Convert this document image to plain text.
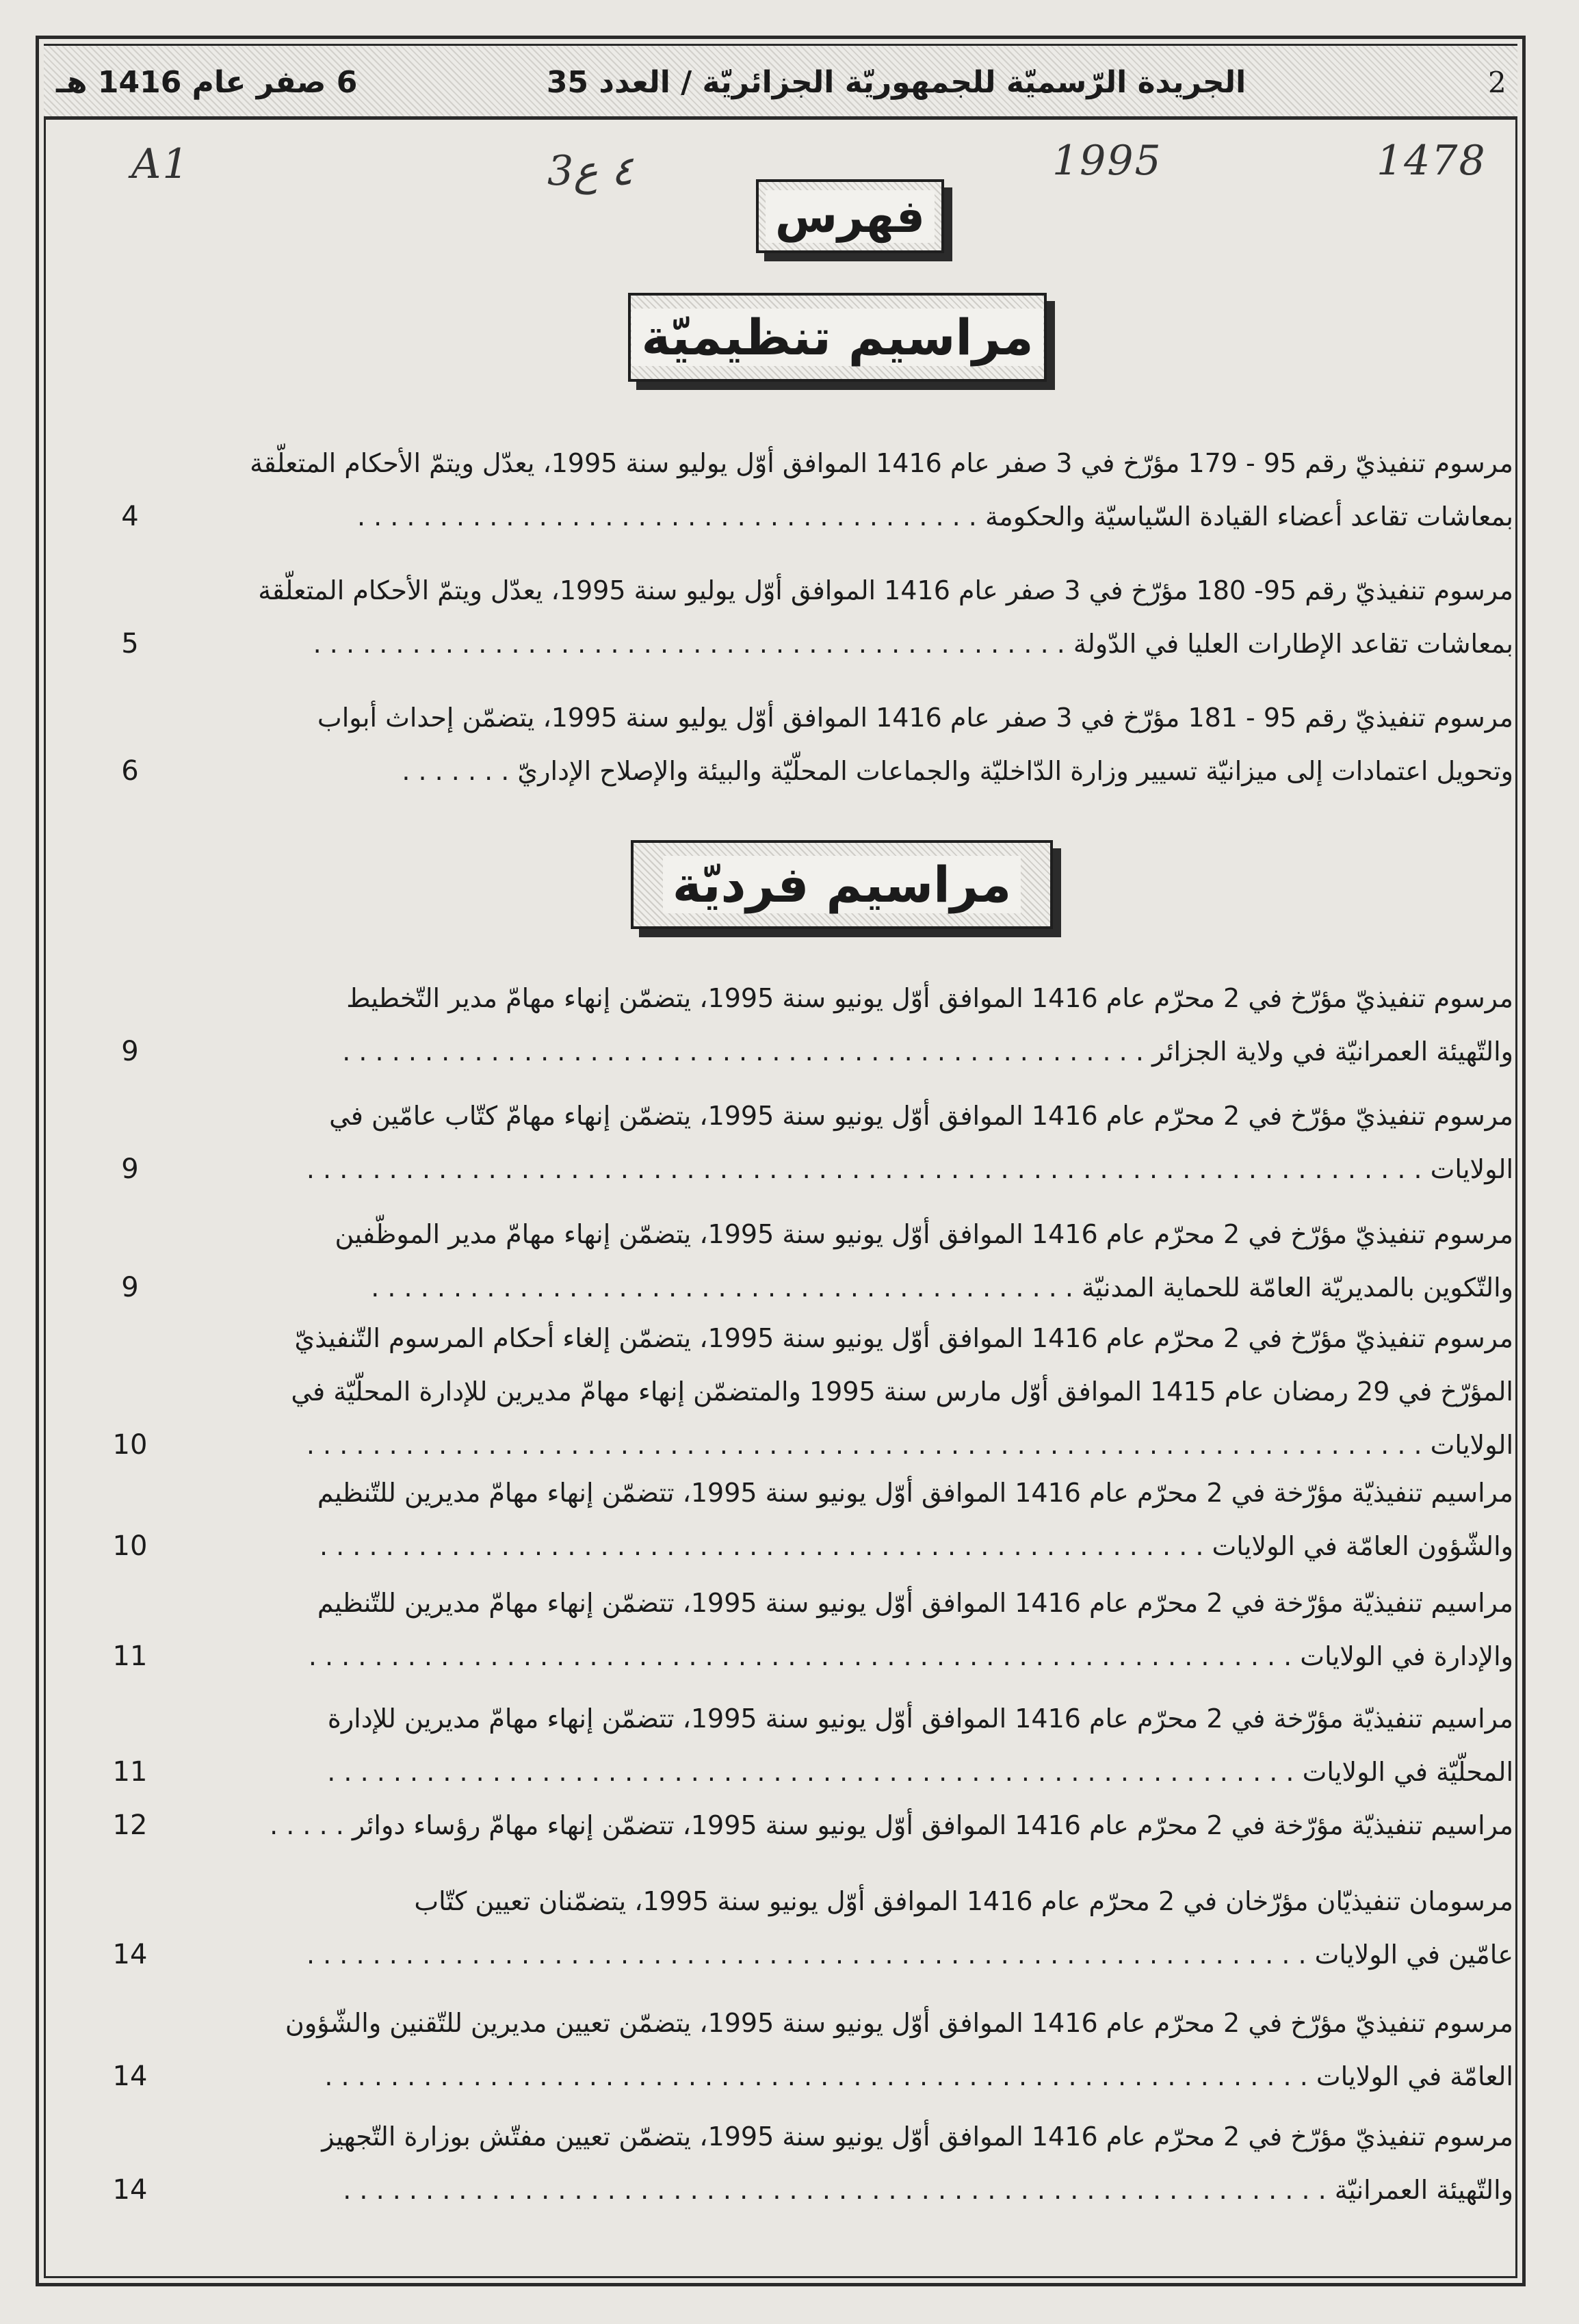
2
الجريدة الرّسميّة للجمهوريّة الجزائريّة / العدد 35
6 صفر عام 1416 هـ
A1	3٤ ع	1995	1478
فهرس
مراسيم تنظيميّة
مراسيم فرديّة
مرسوم تنفيذيّ رقم 95 - 179 مؤرّخ في 3 صفر عام 1416 الموافق أوّل يوليو سنة 1995، يعدّل ويتمّ الأحكام المتعلّقة
بمعاشات تقاعد أعضاء القيادة السّياسيّة والحكومة . . . . . . . . . . . . . . . . . . . . . . . . . . . . . . . . . . . . . .
4
مرسوم تنفيذيّ رقم 95- 180 مؤرّخ في 3 صفر عام 1416 الموافق أوّل يوليو سنة 1995، يعدّل ويتمّ الأحكام المتعلّقة
بمعاشات تقاعد الإطارات العليا في الدّولة . . . . . . . . . . . . . . . . . . . . . . . . . . . . . . . . . . . . . . . . . . . . . .
5
مرسوم تنفيذيّ رقم 95 - 181 مؤرّخ في 3 صفر عام 1416 الموافق أوّل يوليو سنة 1995، يتضمّن إحداث أبواب
وتحويل اعتمادات إلى ميزانيّة تسيير وزارة الدّاخليّة والجماعات المحلّيّة والبيئة والإصلاح الإداريّ . . . . . . .
6
مرسوم تنفيذيّ مؤرّخ في 2 محرّم عام 1416 الموافق أوّل يونيو سنة 1995، يتضمّن إنهاء مهامّ مدير التّخطيط
والتّهيئة العمرانيّة في ولاية الجزائر . . . . . . . . . . . . . . . . . . . . . . . . . . . . . . . . . . . . . . . . . . . . . . . . .
9
مرسوم تنفيذيّ مؤرّخ في 2 محرّم عام 1416 الموافق أوّل يونيو سنة 1995، يتضمّن إنهاء مهامّ كتّاب عامّين في
الولايات . . . . . . . . . . . . . . . . . . . . . . . . . . . . . . . . . . . . . . . . . . . . . . . . . . . . . . . . . . . . . . . . . . . .
9
مرسوم تنفيذيّ مؤرّخ في 2 محرّم عام 1416 الموافق أوّل يونيو سنة 1995، يتضمّن إنهاء مهامّ مدير الموظّفين
والتّكوين بالمديريّة العامّة للحماية المدنيّة . . . . . . . . . . . . . . . . . . . . . . . . . . . . . . . . . . . . . . . . . . .
9
مرسوم تنفيذيّ مؤرّخ في 2 محرّم عام 1416 الموافق أوّل يونيو سنة 1995، يتضمّن إلغاء أحكام المرسوم التّنفيذيّ
المؤرّخ في 29 رمضان عام 1415 الموافق أوّل مارس سنة 1995 والمتضمّن إنهاء مهامّ مديرين للإدارة المحلّيّة في
الولايات . . . . . . . . . . . . . . . . . . . . . . . . . . . . . . . . . . . . . . . . . . . . . . . . . . . . . . . . . . . . . . . . . . . .
10
مراسيم تنفيذيّة مؤرّخة في 2 محرّم عام 1416 الموافق أوّل يونيو سنة 1995، تتضمّن إنهاء مهامّ مديرين للتّنظيم
والشّؤون العامّة في الولايات . . . . . . . . . . . . . . . . . . . . . . . . . . . . . . . . . . . . . . . . . . . . . . . . . . . . . .
10
مراسيم تنفيذيّة مؤرّخة في 2 محرّم عام 1416 الموافق أوّل يونيو سنة 1995، تتضمّن إنهاء مهامّ مديرين للتّنظيم
والإدارة في الولايات . . . . . . . . . . . . . . . . . . . . . . . . . . . . . . . . . . . . . . . . . . . . . . . . . . . . . . . . . . . .
11
مراسيم تنفيذيّة مؤرّخة في 2 محرّم عام 1416 الموافق أوّل يونيو سنة 1995، تتضمّن إنهاء مهامّ مديرين للإدارة
المحلّيّة في الولايات . . . . . . . . . . . . . . . . . . . . . . . . . . . . . . . . . . . . . . . . . . . . . . . . . . . . . . . . . . .
11
مراسيم تنفيذيّة مؤرّخة في 2 محرّم عام 1416 الموافق أوّل يونيو سنة 1995، تتضمّن إنهاء مهامّ رؤساء دوائر . . . . .
12
مرسومان تنفيذيّان مؤرّخان في 2 محرّم عام 1416 الموافق أوّل يونيو سنة 1995، يتضمّنان تعيين كتّاب
عامّين في الولايات . . . . . . . . . . . . . . . . . . . . . . . . . . . . . . . . . . . . . . . . . . . . . . . . . . . . . . . . . . . . .
14
مرسوم تنفيذيّ مؤرّخ في 2 محرّم عام 1416 الموافق أوّل يونيو سنة 1995، يتضمّن تعيين مديرين للتّقنين والشّؤون
العامّة في الولايات . . . . . . . . . . . . . . . . . . . . . . . . . . . . . . . . . . . . . . . . . . . . . . . . . . . . . . . . . . . .
14
مرسوم تنفيذيّ مؤرّخ في 2 محرّم عام 1416 الموافق أوّل يونيو سنة 1995، يتضمّن تعيين مفتّش بوزارة التّجهيز
والتّهيئة العمرانيّة . . . . . . . . . . . . . . . . . . . . . . . . . . . . . . . . . . . . . . . . . . . . . . . . . . . . . . . . . . . .
14
